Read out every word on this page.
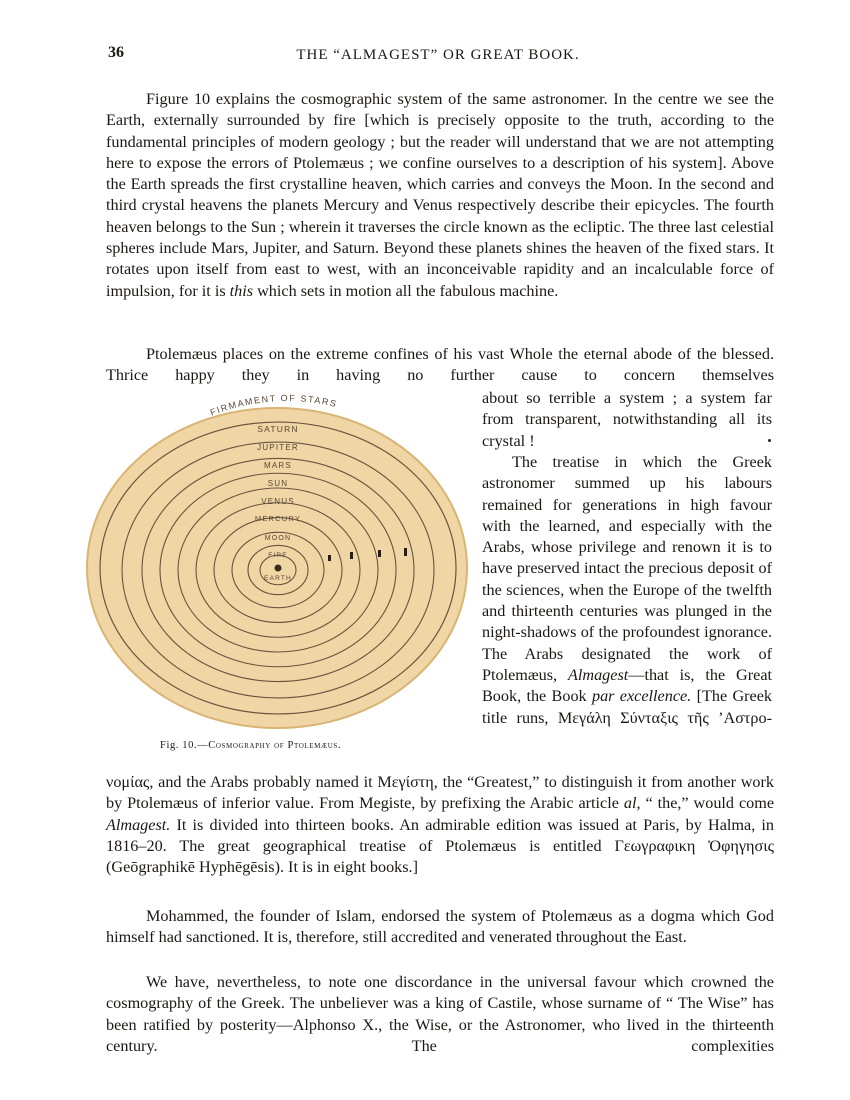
36	THE “ALMAGEST” OR GREAT BOOK.

Figure 10 explains the cosmographic system of the same astronomer. In the centre we see the Earth, externally surrounded by fire [which is precisely opposite to the truth, according to the fundamental principles of modern geology ; but the reader will understand that we are not attempting here to expose the errors of Ptolemæus ; we confine ourselves to a description of his system]. Above the Earth spreads the first crystalline heaven, which carries and conveys the Moon. In the second and third crystal heavens the planets Mercury and Venus respectively describe their epicycles. The fourth heaven belongs to the Sun ; wherein it traverses the circle known as the ecliptic. The three last celestial spheres include Mars, Jupiter, and Saturn. Beyond these planets shines the heaven of the fixed stars. It rotates upon itself from east to west, with an inconceivable rapidity and an incalculable force of impulsion, for it is this which sets in motion all the fabulous machine.

Ptolemæus places on the extreme confines of his vast Whole the eternal abode of the blessed. Thrice happy they in having no further cause to concern themselves

about so terrible a system ; a system far from transparent, notwithstanding all its crystal !

The treatise in which the Greek astronomer summed up his labours remained for generations in high favour with the learned, and especially with the Arabs, whose privilege and renown it is to have preserved intact the precious deposit of the sciences, when the Europe of the twelfth and thirteenth centuries was plunged in the night-shadows of the profoundest ignorance. The Arabs designated the work of Ptolemæus, Almagest—that is, the Great Book, the Book par excellence. [The Greek title runs, Μεγάλη Σύνταξις τῆς ’Αστρο-

νομίας, and the Arabs probably named it Μεγίστη, the “Greatest,” to distinguish it from another work by Ptolemæus of inferior value. From Megiste, by prefixing the Arabic article al, “ the,” would come Almagest. It is divided into thirteen books. An admirable edition was issued at Paris, by Halma, in 1816–20. The great geographical treatise of Ptolemæus is entitled Γεωγραφικη Ὁφηγησις (Geōgraphikē Hyphēgēsis). It is in eight books.]

Mohammed, the founder of Islam, endorsed the system of Ptolemæus as a dogma which God himself had sanctioned. It is, therefore, still accredited and venerated throughout the East.

We have, nevertheless, to note one discordance in the universal favour which crowned the cosmography of the Greek. The unbeliever was a king of Castile, whose surname of “ The Wise” has been ratified by posterity—Alphonso X., the Wise, or the Astronomer, who lived in the thirteenth century. The complexities

SATURN
JUPITER
MARS
SUN
VENUS
MERCURY
MOON
FIRE
EARTH
FIRMAMENT OF STARS
Fig. 10.—Cosmography of Ptolemæus.
